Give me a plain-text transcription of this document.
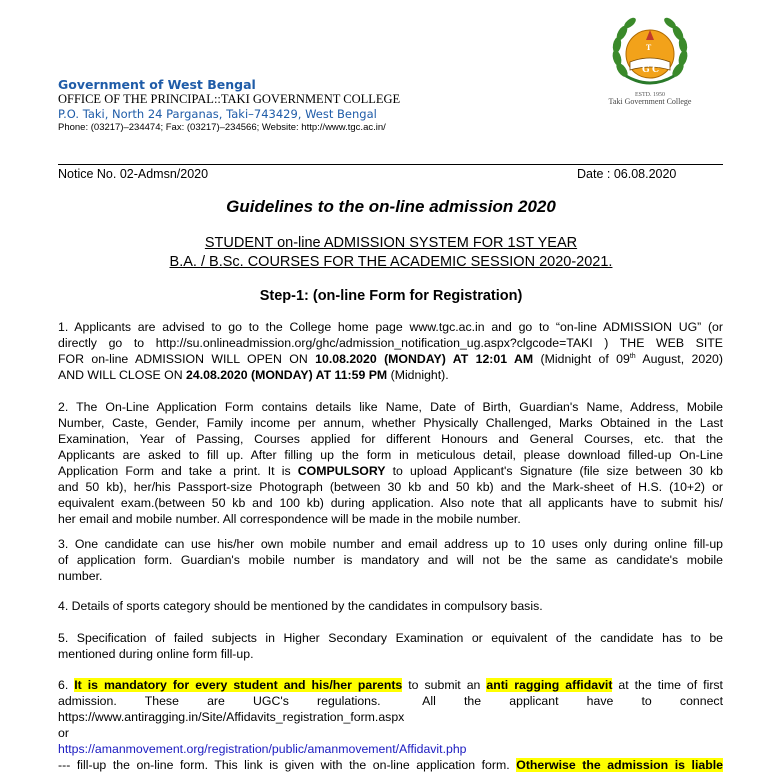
Government of West Bengal
OFFICE OF THE PRINCIPAL::TAKI GOVERNMENT COLLEGE
P.O. Taki, North 24 Parganas, Taki–743429, West Bengal
Phone: (03217)–234474; Fax: (03217)–234566; Website: http://www.tgc.ac.in/
G C
T
ESTD. 1950
Taki Government College
Notice No. 02-Admsn/2020	Date : 06.08.2020
Guidelines to the on-line admission 2020
STUDENT on-line ADMISSION SYSTEM FOR 1ST YEAR
B.A. / B.Sc. COURSES FOR THE ACADEMIC SESSION 2020-2021.
Step-1: (on-line Form for Registration)
1. Applicants are advised to go to the College home page www.tgc.ac.in and go to “on-line ADMISSION UG” (or
directly go to http://su.onlineadmission.org/ghc/admission_notification_ug.aspx?clgcode=TAKI ) THE WEB SITE
FOR on-line ADMISSION WILL OPEN ON 10.08.2020 (MONDAY) AT 12:01 AM (Midnight of 09th August, 2020)
AND WILL CLOSE ON 24.08.2020 (MONDAY) AT 11:59 PM (Midnight).
2. The On-Line Application Form contains details like Name, Date of Birth, Guardian's Name, Address, Mobile
Number, Caste, Gender, Family income per annum, whether Physically Challenged, Marks Obtained in the Last
Examination, Year of Passing, Courses applied for different Honours and General Courses, etc. that the
Applicants are asked to fill up. After filling up the form in meticulous detail, please download filled-up On-Line
Application Form and take a print. It is COMPULSORY to upload Applicant's Signature (file size between 30 kb
and 50 kb), her/his Passport-size Photograph (between 30 kb and 50 kb) and the Mark-sheet of H.S. (10+2) or
equivalent exam.(between 50 kb and 100 kb) during application. Also note that all applicants have to submit his/
her email and mobile number. All correspondence will be made in the mobile number.
3. One candidate can use his/her own mobile number and email address up to 10 uses only during online fill-up
of application form. Guardian's mobile number is mandatory and will not be the same as candidate's mobile
number.
4. Details of sports category should be mentioned by the candidates in compulsory basis.
5. Specification of failed subjects in Higher Secondary Examination or equivalent of the candidate has to be
mentioned during online form fill-up.
6. It is mandatory for every student and his/her parents to submit an anti ragging affidavit at the time of first
admission.    These    are    UGC's    regulations.      All    the    applicant    have    to    connect
https://www.antiragging.in/Site/Affidavits_registration_form.aspx
or
https://amanmovement.org/registration/public/amanmovement/Affidavit.php
--- fill-up the on-line form. This link is given with the on-line application form. Otherwise the admission is liable
